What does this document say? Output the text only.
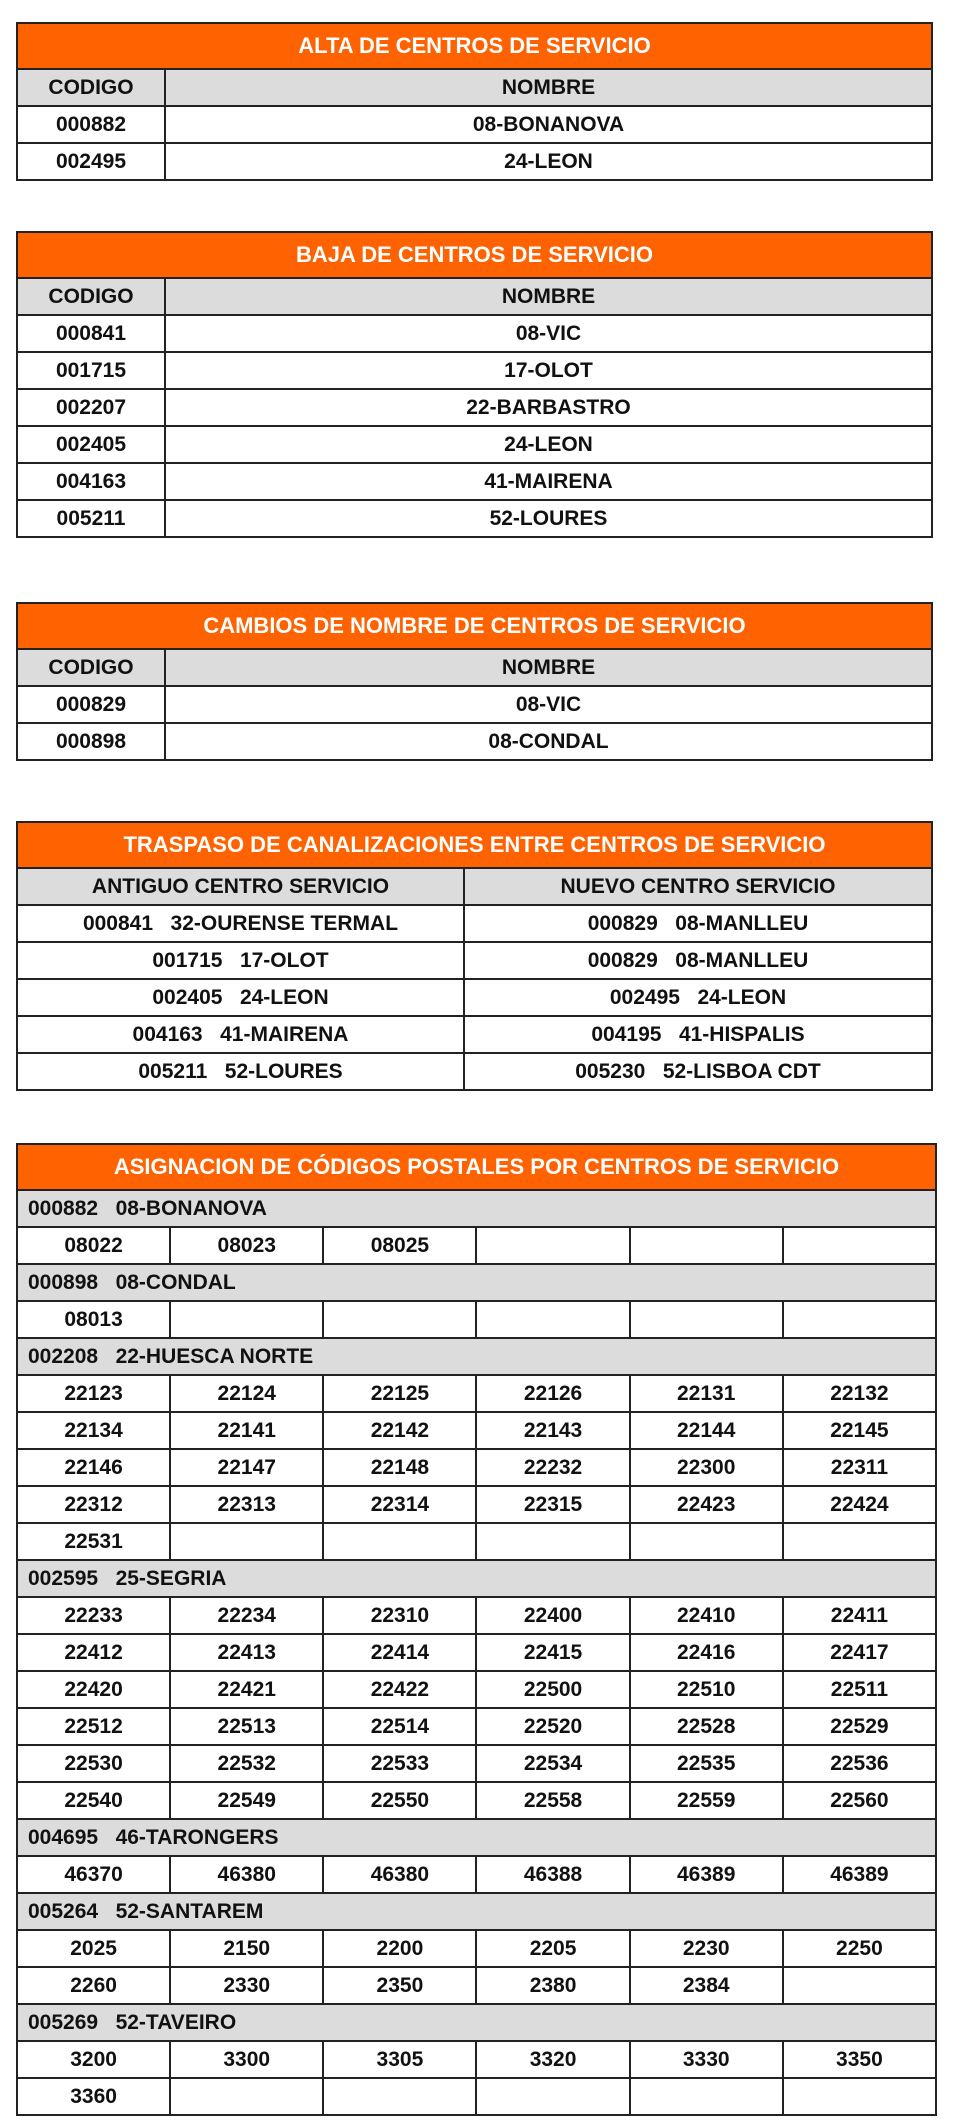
ALTA DE CENTROS DE SERVICIO	
CODIGO	NOMBRE
000882	08-BONANOVA
002495	24-LEON
BAJA DE CENTROS DE SERVICIO	
CODIGO	NOMBRE
000841	08-VIC
001715	17-OLOT
002207	22-BARBASTRO
002405	24-LEON
004163	41-MAIRENA
005211	52-LOURES
CAMBIOS DE NOMBRE DE CENTROS DE SERVICIO	
CODIGO	NOMBRE
000829	08-VIC
000898	08-CONDAL
TRASPASO DE CANALIZACIONES ENTRE CENTROS DE SERVICIO	
ANTIGUO CENTRO SERVICIO	NUEVO CENTRO SERVICIO
000841   32-OURENSE TERMAL	000829   08-MANLLEU
001715   17-OLOT	000829   08-MANLLEU
002405   24-LEON	002495   24-LEON
004163   41-MAIRENA	004195   41-HISPALIS
005211   52-LOURES	005230   52-LISBOA CDT
ASIGNACION DE CÓDIGOS POSTALES POR CENTROS DE SERVICIO					
000882   08-BONANOVA					
08022	08023	08025			
000898   08-CONDAL					
08013					
002208   22-HUESCA NORTE					
22123	22124	22125	22126	22131	22132
22134	22141	22142	22143	22144	22145
22146	22147	22148	22232	22300	22311
22312	22313	22314	22315	22423	22424
22531					
002595   25-SEGRIA					
22233	22234	22310	22400	22410	22411
22412	22413	22414	22415	22416	22417
22420	22421	22422	22500	22510	22511
22512	22513	22514	22520	22528	22529
22530	22532	22533	22534	22535	22536
22540	22549	22550	22558	22559	22560
004695   46-TARONGERS					
46370	46380	46380	46388	46389	46389
005264   52-SANTAREM					
2025	2150	2200	2205	2230	2250
2260	2330	2350	2380	2384	
005269   52-TAVEIRO					
3200	3300	3305	3320	3330	3350
3360					
